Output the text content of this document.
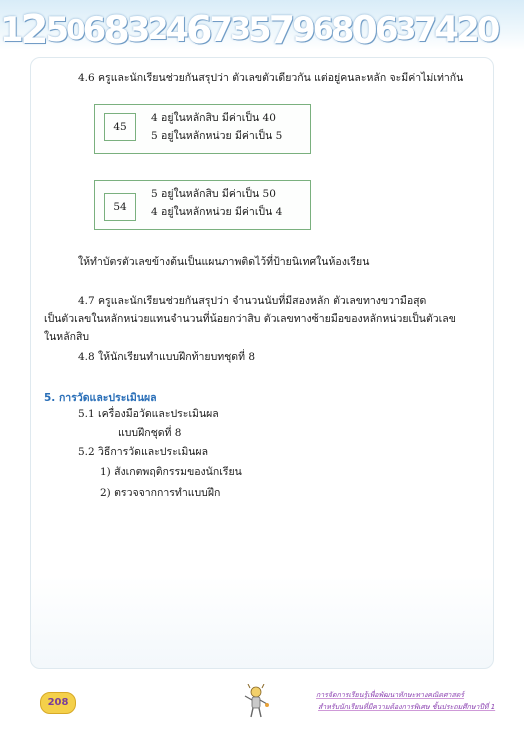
1
2
5
0
6
8
3
2
4
6
7
3
5
7
9
6
8
0
6
3
7
4
2
0
4.6 ครูและนักเรียนช่วยกันสรุปว่า ตัวเลขตัวเดียวกัน แต่อยู่คนละหลัก จะมีค่าไม่เท่ากัน
45
4 อยู่ในหลักสิบ มีค่าเป็น 40
5 อยู่ในหลักหน่วย มีค่าเป็น 5
54
5 อยู่ในหลักสิบ มีค่าเป็น 50
4 อยู่ในหลักหน่วย มีค่าเป็น 4
ให้ทำบัตรตัวเลขข้างต้นเป็นแผนภาพติดไว้ที่ป้ายนิเทศในห้องเรียน
4.7 ครูและนักเรียนช่วยกันสรุปว่า จำนวนนับที่มีสองหลัก ตัวเลขทางขวามือสุด
เป็นตัวเลขในหลักหน่วยแทนจำนวนที่น้อยกว่าสิบ ตัวเลขทางซ้ายมือของหลักหน่วยเป็นตัวเลข
ในหลักสิบ
4.8 ให้นักเรียนทำแบบฝึกท้ายบทชุดที่ 8
5. การวัดและประเมินผล
5.1 เครื่องมือวัดและประเมินผล
แบบฝึกชุดที่ 8
5.2 วิธีการวัดและประเมินผล
1) สังเกตพฤติกรรมของนักเรียน
2) ตรวจจากการทำแบบฝึก
208
การจัดการเรียนรู้เพื่อพัฒนาทักษะทางคณิตศาสตร์
สำหรับนักเรียนที่มีความต้องการพิเศษ ชั้นประถมศึกษาปีที่ 1
